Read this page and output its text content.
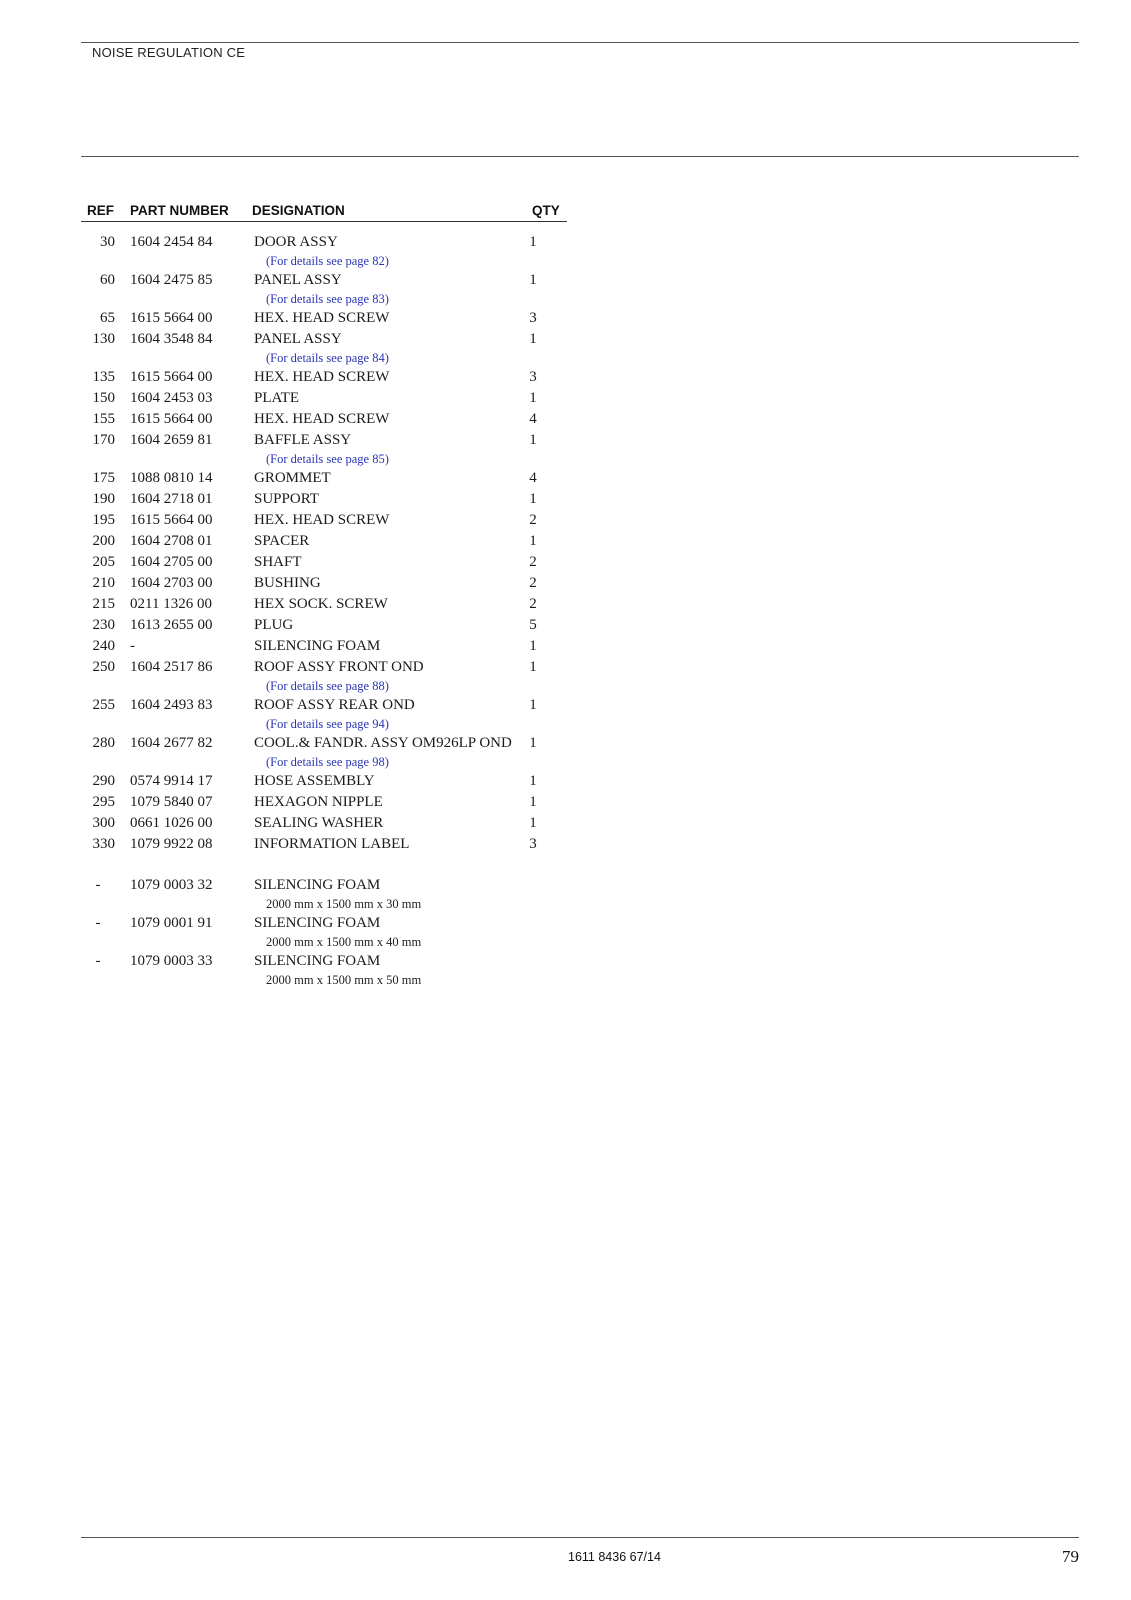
NOISE REGULATION CE
REF PART NUMBER DESIGNATION	QTY
30 1604 2454 84	DOOR ASSY	1
(For details see page 82)
60 1604 2475 85	PANEL ASSY	1
(For details see page 83)
65 1615 5664 00	HEX. HEAD SCREW	3
130 1604 3548 84	PANEL ASSY	1
(For details see page 84)
135 1615 5664 00	HEX. HEAD SCREW	3
150 1604 2453 03	PLATE	1
155 1615 5664 00	HEX. HEAD SCREW	4
170 1604 2659 81	BAFFLE ASSY	1
(For details see page 85)
175 1088 0810 14	GROMMET	4
190 1604 2718 01	SUPPORT	1
195 1615 5664 00	HEX. HEAD SCREW	2
200 1604 2708 01	SPACER	1
205 1604 2705 00	SHAFT	2
210 1604 2703 00	BUSHING	2
215 0211 1326 00	HEX SOCK. SCREW	2
230 1613 2655 00	PLUG	5
240 -	SILENCING FOAM	1
250 1604 2517 86	ROOF ASSY FRONT OND	1
(For details see page 88)
255 1604 2493 83	ROOF ASSY REAR OND	1
(For details see page 94)
280 1604 2677 82	COOL.& FANDR. ASSY OM926LP OND 1
(For details see page 98)
290 0574 9914 17	HOSE ASSEMBLY	1
295 1079 5840 07	HEXAGON NIPPLE	1
300 0661 1026 00	SEALING WASHER	1
330 1079 9922 08	INFORMATION LABEL	3
-	1079 0003 32	SILENCING FOAM
2000 mm x 1500 mm x 30 mm
-	1079 0001 91	SILENCING FOAM
2000 mm x 1500 mm x 40 mm
-	1079 0003 33	SILENCING FOAM
2000 mm x 1500 mm x 50 mm
1611 8436 67/14	79
